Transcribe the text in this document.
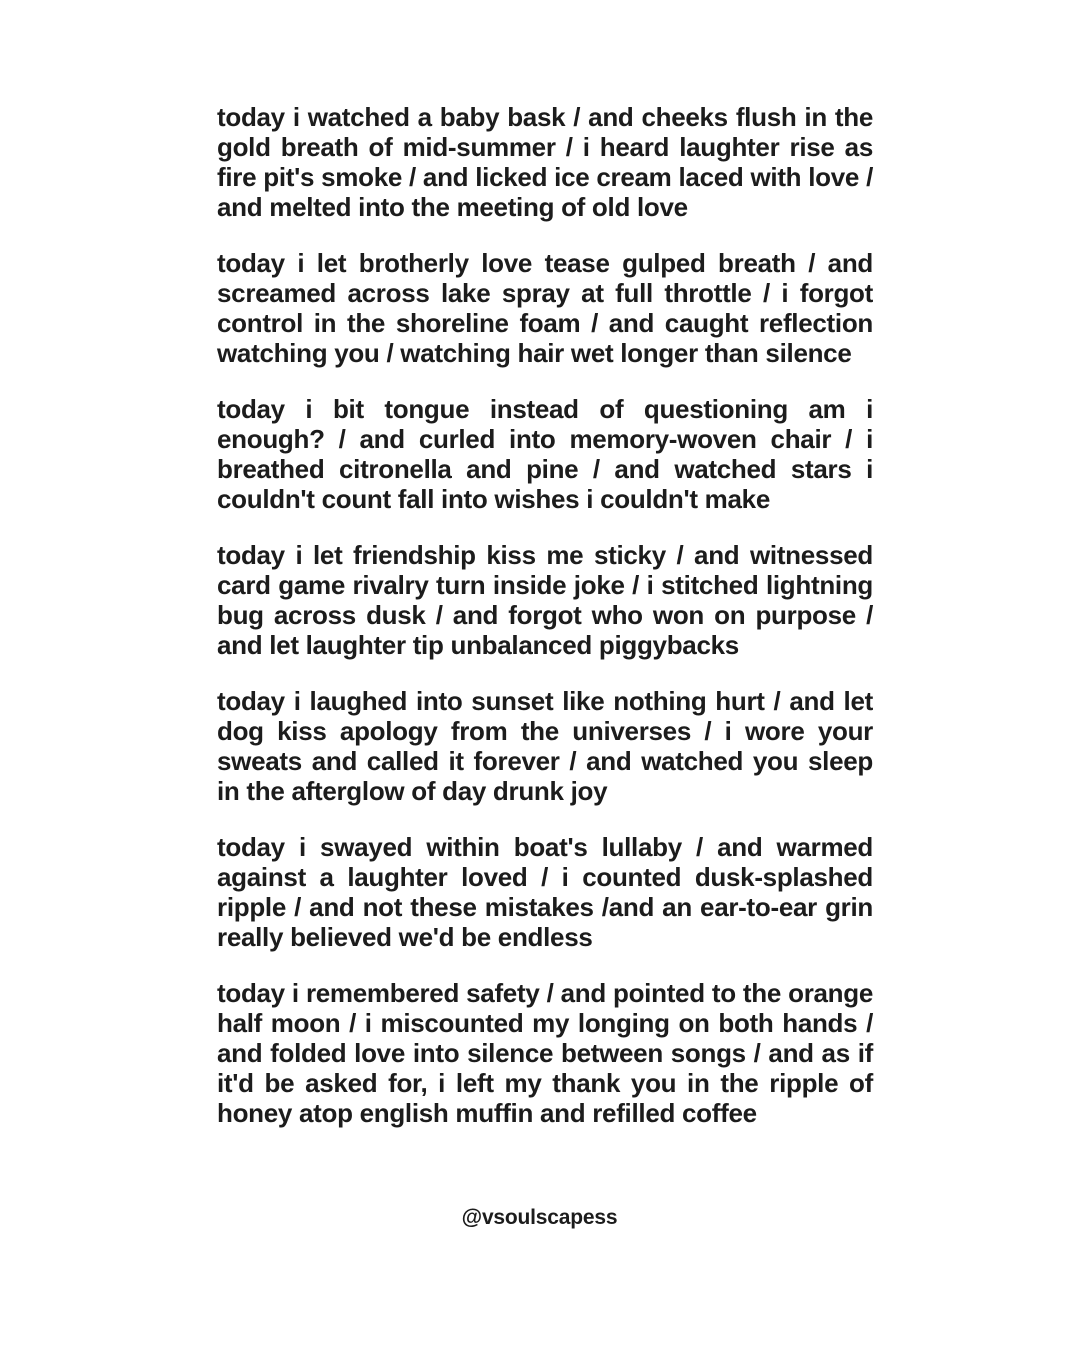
today i watched a baby bask / and cheeks flush in the gold breath of mid-summer / i heard laughter rise as fire pit's smoke / and licked ice cream laced with love / and melted into the meeting of old love

today i let brotherly love tease gulped breath / and screamed across lake spray at full throttle / i forgot control in the shoreline foam / and caught reflection watching you / watching hair wet longer than silence

today i bit tongue instead of questioning am i enough? / and curled into memory-woven chair / i breathed citronella and pine / and watched stars i couldn't count fall into wishes i couldn't make

today i let friendship kiss me sticky / and witnessed card game rivalry turn inside joke / i stitched lightning bug across dusk / and forgot who won on purpose / and let laughter tip unbalanced piggybacks

today i laughed into sunset like nothing hurt / and let dog kiss apology from the universes / i wore your sweats and called it forever / and watched you sleep in the afterglow of day drunk joy

today i swayed within boat's lullaby / and warmed against a laughter loved / i counted dusk-splashed ripple / and not these mistakes /and an ear-to-ear grin really believed we'd be endless

today i remembered safety / and pointed to the orange half moon / i miscounted my longing on both hands / and folded love into silence between songs / and as if it'd be asked for, i left my thank you in the ripple of honey atop english muffin and refilled coffee

@vsoulscapess
